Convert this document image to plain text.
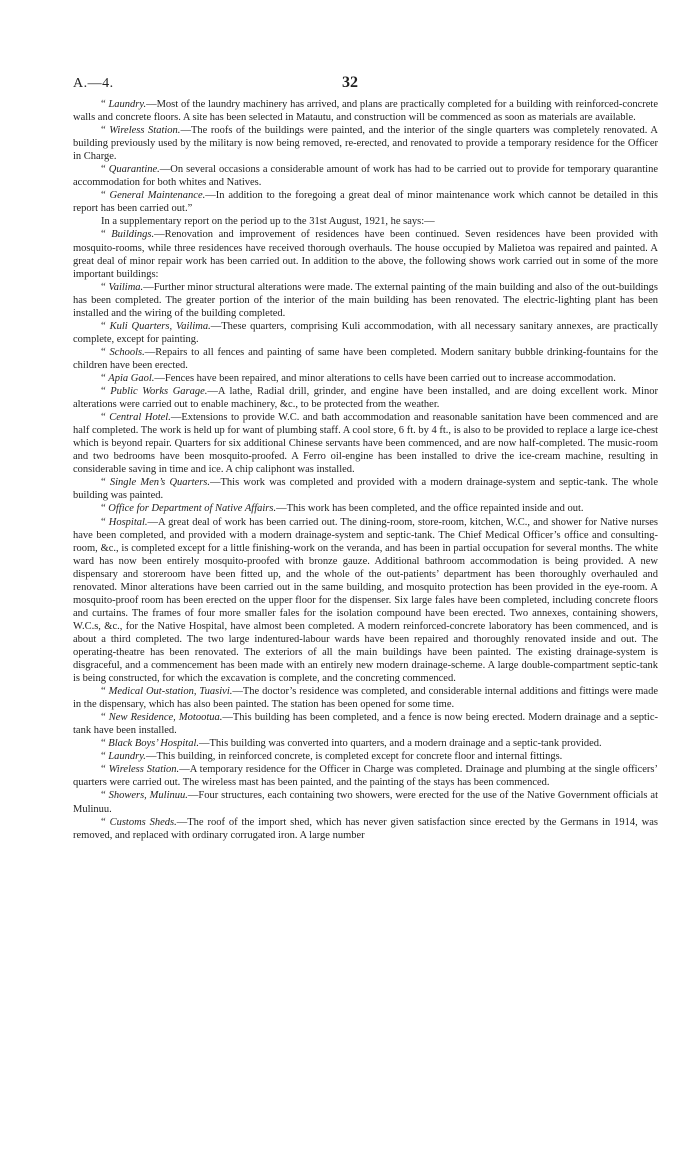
A.—4.	32

“ Laundry.—Most of the laundry machinery has arrived, and plans are practically completed for a building with reinforced-concrete walls and concrete floors. A site has been selected in Matautu, and construction will be commenced as soon as materials are available.

“ Wireless Station.—The roofs of the buildings were painted, and the interior of the single quarters was completely renovated. A building previously used by the military is now being removed, re-erected, and renovated to provide a temporary residence for the Officer in Charge.

“ Quarantine.—On several occasions a considerable amount of work has had to be carried out to provide for temporary quarantine accommodation for both whites and Natives.

“ General Maintenance.—In addition to the foregoing a great deal of minor maintenance work which cannot be detailed in this report has been carried out.”

In a supplementary report on the period up to the 31st August, 1921, he says:—

“ Buildings.—Renovation and improvement of residences have been continued. Seven residences have been provided with mosquito-rooms, while three residences have received thorough overhauls. The house occupied by Malietoa was repaired and painted. A great deal of minor repair work has been carried out. In addition to the above, the following shows work carried out in some of the more important buildings:

“ Vailima.—Further minor structural alterations were made. The external painting of the main building and also of the out-buildings has been completed. The greater portion of the interior of the main building has been renovated. The electric-lighting plant has been installed and the wiring of the building completed.

“ Kuli Quarters, Vailima.—These quarters, comprising Kuli accommodation, with all necessary sanitary annexes, are practically complete, except for painting.

“ Schools.—Repairs to all fences and painting of same have been completed. Modern sanitary bubble drinking-fountains for the children have been erected.

“ Apia Gaol.—Fences have been repaired, and minor alterations to cells have been carried out to increase accommodation.

“ Public Works Garage.—A lathe, Radial drill, grinder, and engine have been installed, and are doing excellent work. Minor alterations were carried out to enable machinery, &c., to be protected from the weather.

“ Central Hotel.—Extensions to provide W.C. and bath accommodation and reasonable sanitation have been commenced and are half completed. The work is held up for want of plumbing staff. A cool store, 6 ft. by 4 ft., is also to be provided to replace a large ice-chest which is beyond repair. Quarters for six additional Chinese servants have been commenced, and are now half-completed. The music-room and two bedrooms have been mosquito-proofed. A Ferro oil-engine has been installed to drive the ice-cream machine, resulting in considerable saving in time and ice. A chip caliphont was installed.

“ Single Men’s Quarters.—This work was completed and provided with a modern drainage-system and septic-tank. The whole building was painted.

“ Office for Department of Native Affairs.—This work has been completed, and the office repainted inside and out.

“ Hospital.—A great deal of work has been carried out. The dining-room, store-room, kitchen, W.C., and shower for Native nurses have been completed, and provided with a modern drainage-system and septic-tank. The Chief Medical Officer’s office and consulting-room, &c., is completed except for a little finishing-work on the veranda, and has been in partial occupation for several months. The white ward has now been entirely mosquito-proofed with bronze gauze. Additional bathroom accommodation is being provided. A new dispensary and storeroom have been fitted up, and the whole of the out-patients’ department has been thoroughly overhauled and renovated. Minor alterations have been carried out in the same building, and mosquito protection has been provided in the eye-room. A mosquito-proof room has been erected on the upper floor for the dispenser. Six large fales have been completed, including concrete floors and curtains. The frames of four more smaller fales for the isolation compound have been erected. Two annexes, containing showers, W.C.s, &c., for the Native Hospital, have almost been completed. A modern reinforced-concrete laboratory has been commenced, and is about a third completed. The two large indentured-labour wards have been repaired and thoroughly renovated inside and out. The operating-theatre has been renovated. The exteriors of all the main buildings have been painted. The existing drainage-system is disgraceful, and a commencement has been made with an entirely new modern drainage-scheme. A large double-compartment septic-tank is being constructed, for which the excavation is complete, and the concreting commenced.

“ Medical Out-station, Tuasivi.—The doctor’s residence was completed, and considerable internal additions and fittings were made in the dispensary, which has also been painted. The station has been opened for some time.

“ New Residence, Motootua.—This building has been completed, and a fence is now being erected. Modern drainage and a septic-tank have been installed.

“ Black Boys’ Hospital.—This building was converted into quarters, and a modern drainage and a septic-tank provided.

“ Laundry.—This building, in reinforced concrete, is completed except for concrete floor and internal fittings.

“ Wireless Station.—A temporary residence for the Officer in Charge was completed. Drainage and plumbing at the single officers’ quarters were carried out. The wireless mast has been painted, and the painting of the stays has been commenced.

“ Showers, Mulinuu.—Four structures, each containing two showers, were erected for the use of the Native Government officials at Mulinuu.

“ Customs Sheds.—The roof of the import shed, which has never given satisfaction since erected by the Germans in 1914, was removed, and replaced with ordinary corrugated iron. A large number
